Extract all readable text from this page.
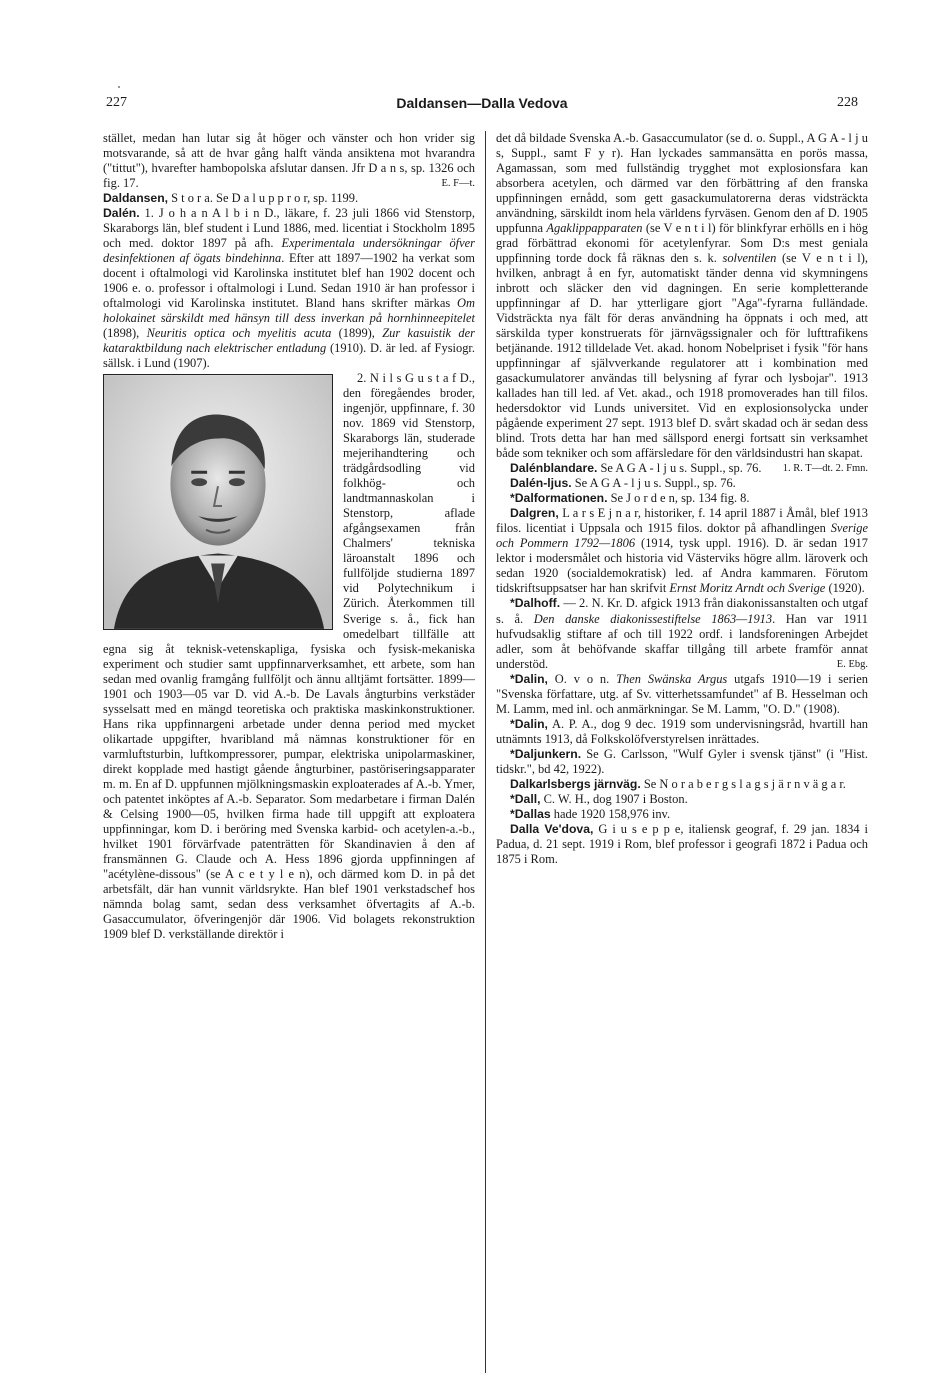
227	Daldansen—Dalla Vedova	228

stället, medan han lutar sig åt höger och vänster och hon vrider sig motsvarande, så att de hvar gång halft vända ansiktena mot hvarandra ("tittut"), hvarefter hambopolska afslutar dansen. Jfr D a n s, sp. 1326 och fig. 17.	E. F—t.

Daldansen, S t o r a. Se D a l u p p r o r, sp. 1199.

Dalén. 1. J o h a n A l b i n D., läkare, f. 23 juli 1866 vid Stenstorp, Skaraborgs län, blef student i Lund 1886, med. licentiat i Stockholm 1895 och med. doktor 1897 på afh. Experimentala undersökningar öfver desinfektionen af ögats bindehinna. Efter att 1897—1902 ha verkat som docent i oftalmologi vid Karolinska institutet blef han 1902 docent och 1906 e. o. professor i oftalmologi i Lund. Sedan 1910 är han professor i oftalmologi vid Karolinska institutet. Bland hans skrifter märkas Om holokainet särskildt med hänsyn till dess inverkan på hornhinneepitelet (1898), Neuritis optica och myelitis acuta (1899), Zur kasuistik der kataraktbildung nach elektrischer entladung (1910). D. är led. af Fysiogr. sällsk. i Lund (1907).

2. N i l s G u s t a f D., den föregåendes broder, ingenjör, uppfinnare, f. 30 nov. 1869 vid Stenstorp, Skaraborgs län, studerade mejerihandtering och trädgårdsodling vid folkhög- och landtmannaskolan i Stenstorp, aflade afgångsexamen från Chalmers' tekniska läroanstalt 1896 och fullföljde studierna 1897 vid Polytechnikum i Zürich. Återkommen till Sverige s. å., fick han omedelbart tillfälle att egna sig åt teknisk-vetenskapliga, fysiska och fysisk-mekaniska experiment och studier samt uppfinnarverksamhet, ett arbete, som han sedan med ovanlig framgång fullföljt och ännu alltjämt fortsätter. 1899—1901 och 1903—05 var D. vid A.-b. De Lavals ångturbins verkstäder sysselsatt med en mängd teoretiska och praktiska maskinkonstruktioner. Hans rika uppfinnargeni arbetade under denna period med mycket olikartade uppgifter, hvaribland må nämnas konstruktioner för en varmluftsturbin, luftkompressorer, pumpar, elektriska unipolarmaskiner, direkt kopplade med hastigt gående ångturbiner, pastöriseringsapparater m. m. En af D. uppfunnen mjölkningsmaskin exploaterades af A.-b. Ymer, och patentet inköptes af A.-b. Separator. Som medarbetare i firman Dalén & Celsing 1900—05, hvilken firma hade till uppgift att exploatera uppfinningar, kom D. i beröring med Svenska karbid- och acetylen-a.-b., hvilket 1901 förvärfvade patenträtten för Skandinavien å den af fransmännen G. Claude och A. Hess 1896 gjorda uppfinningen af "acétylène-dissous" (se A c e t y l e n), och därmed kom D. in på det arbetsfält, där han vunnit världsrykte. Han blef 1901 verkstadschef hos nämnda bolag samt, sedan dess verksamhet öfvertagits af A.-b. Gasaccumulator, öfveringenjör där 1906. Vid bolagets rekonstruktion 1909 blef D. verkställande direktör i

det då bildade Svenska A.-b. Gasaccumulator (se d. o. Suppl., A G A - l j u s, Suppl., samt F y r). Han lyckades sammansätta en porös massa, Agamassan, som med fullständig trygghet mot explosionsfara kan absorbera acetylen, och därmed var den förbättring af den franska uppfinningen ernådd, som gett gasackumulatorerna deras vidsträckta användning, särskildt inom hela världens fyrväsen. Genom den af D. 1905 uppfunna Agaklippapparaten (se V e n t i l) för blinkfyrar erhölls en i hög grad förbättrad ekonomi för acetylenfyrar. Som D:s mest geniala uppfinning torde dock få räknas den s. k. solventilen (se V e n t i l), hvilken, anbragt å en fyr, automatiskt tänder denna vid skymningens inbrott och släcker den vid dagningen. En serie kompletterande uppfinningar af D. har ytterligare gjort "Aga"-fyrarna fulländade. Vidsträckta nya fält för deras användning ha öppnats i och med, att särskilda typer konstruerats för järnvägssignaler och för lufttrafikens betjänande. 1912 tilldelade Vet. akad. honom Nobelpriset i fysik "för hans uppfinningar af självverkande regulatorer att i kombination med gasackumulatorer användas till belysning af fyrar och lysbojar". 1913 kallades han till led. af Vet. akad., och 1918 promoverades han till filos. hedersdoktor vid Lunds universitet. Vid en explosionsolycka under pågående experiment 27 sept. 1913 blef D. svårt skadad och är sedan dess blind. Trots detta har han med sällspord energi fortsatt sin verksamhet både som tekniker och som affärsledare för den världsindustri han skapat.
1. R. T—dt. 2. Fmn.

Dalénblandare. Se A G A - l j u s. Suppl., sp. 76.

Dalén-ljus. Se A G A - l j u s. Suppl., sp. 76.

*Dalformationen. Se J o r d e n, sp. 134 fig. 8.

Dalgren, L a r s E j n a r, historiker, f. 14 april 1887 i Åmål, blef 1913 filos. licentiat i Uppsala och 1915 filos. doktor på afhandlingen Sverige och Pommern 1792—1806 (1914, tysk uppl. 1916). D. är sedan 1917 lektor i modersmålet och historia vid Västerviks högre allm. läroverk och sedan 1920 (socialdemokratisk) led. af Andra kammaren. Förutom tidskriftsuppsatser har han skrifvit Ernst Moritz Arndt och Sverige (1920).

*Dalhoff. — 2. N. Kr. D. afgick 1913 från diakonissanstalten och utgaf s. å. Den danske diakonissestiftelse 1863—1913. Han var 1911 hufvudsaklig stiftare af och till 1922 ordf. i landsforeningen Arbejdet adler, som åt behöfvande skaffar tillgång till arbete framför annat understöd.	E. Ebg.

*Dalin, O. v o n. Then Swänska Argus utgafs 1910—19 i serien "Svenska författare, utg. af Sv. vitterhetssamfundet" af B. Hesselman och M. Lamm, med inl. och anmärkningar. Se M. Lamm, "O. D." (1908).

*Dalin, A. P. A., dog 9 dec. 1919 som undervisningsråd, hvartill han utnämnts 1913, då Folkskolöfverstyrelsen inrättades.

*Daljunkern. Se G. Carlsson, "Wulf Gyler i svensk tjänst" (i "Hist. tidskr.", bd 42, 1922).

Dalkarlsbergs järnväg. Se N o r a b e r g s l a g s j ä r n v ä g a r.

*Dall, C. W. H., dog 1907 i Boston.

*Dallas hade 1920 158,976 inv.

Dalla Ve'dova, G i u s e p p e, italiensk geograf, f. 29 jan. 1834 i Padua, d. 21 sept. 1919 i Rom, blef professor i geografi 1872 i Padua och 1875 i Rom.
